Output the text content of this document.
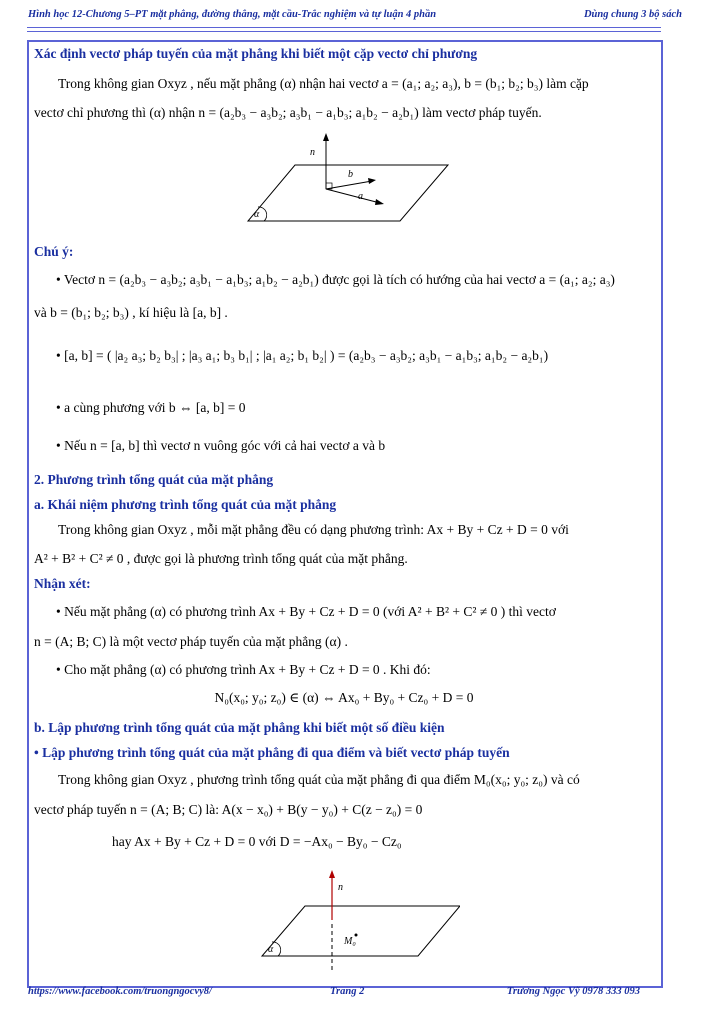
Hình học 12-Chương 5–PT mặt phẳng, đường thẳng, mặt cầu-Trắc nghiệm và tự luận 4 phần	Dùng chung 3 bộ sách
Xác định vectơ pháp tuyến của mặt phẳng khi biết một cặp vectơ chỉ phương
Trong không gian Oxyz , nếu mặt phẳng (α) nhận hai vectơ a = (a₁; a₂; a₃), b = (b₁; b₂; b₃) làm cặp
vectơ chỉ phương thì (α) nhận n = (a₂b₃ − a₃b₂; a₃b₁ − a₁b₃; a₁b₂ − a₂b₁) làm vectơ pháp tuyến.
n
b
a
α
Chú ý:
• Vectơ n = (a₂b₃ − a₃b₂; a₃b₁ − a₁b₃; a₁b₂ − a₂b₁) được gọi là tích có hướng của hai vectơ a = (a₁; a₂; a₃)
và b = (b₁; b₂; b₃) , kí hiệu là [a, b] .
• [a, b] = ( |a₂ a₃; b₂ b₃| ; |a₃ a₁; b₃ b₁| ; |a₁ a₂; b₁ b₂| ) = (a₂b₃ − a₃b₂; a₃b₁ − a₁b₃; a₁b₂ − a₂b₁)
• a cùng phương với b ⇔ [a, b] = 0
• Nếu n = [a, b] thì vectơ n vuông góc với cả hai vectơ a và b
2. Phương trình tổng quát của mặt phẳng
a. Khái niệm phương trình tổng quát của mặt phẳng
Trong không gian Oxyz , mỗi mặt phẳng đều có dạng phương trình: Ax + By + Cz + D = 0 với
A² + B² + C² ≠ 0 , được gọi là phương trình tổng quát của mặt phẳng.
Nhận xét:
• Nếu mặt phẳng (α) có phương trình Ax + By + Cz + D = 0 (với A² + B² + C² ≠ 0 ) thì vectơ
n = (A; B; C) là một vectơ pháp tuyến của mặt phẳng (α) .
• Cho mặt phẳng (α) có phương trình Ax + By + Cz + D = 0 . Khi đó:
N₀(x₀; y₀; z₀) ∈ (α) ⇔ Ax₀ + By₀ + Cz₀ + D = 0
b. Lập phương trình tổng quát của mặt phẳng khi biết một số điều kiện
• Lập phương trình tổng quát của mặt phẳng đi qua điểm và biết vectơ pháp tuyến
Trong không gian Oxyz , phương trình tổng quát của mặt phẳng đi qua điểm M₀(x₀; y₀; z₀) và có
vectơ pháp tuyến n = (A; B; C) là: A(x − x₀) + B(y − y₀) + C(z − z₀) = 0
hay Ax + By + Cz + D = 0 với D = −Ax₀ − By₀ − Cz₀
n
M₀
α
https://www.facebook.com/truongngocvy8/	Trang 2	Trương Ngọc Vỹ 0978 333 093
